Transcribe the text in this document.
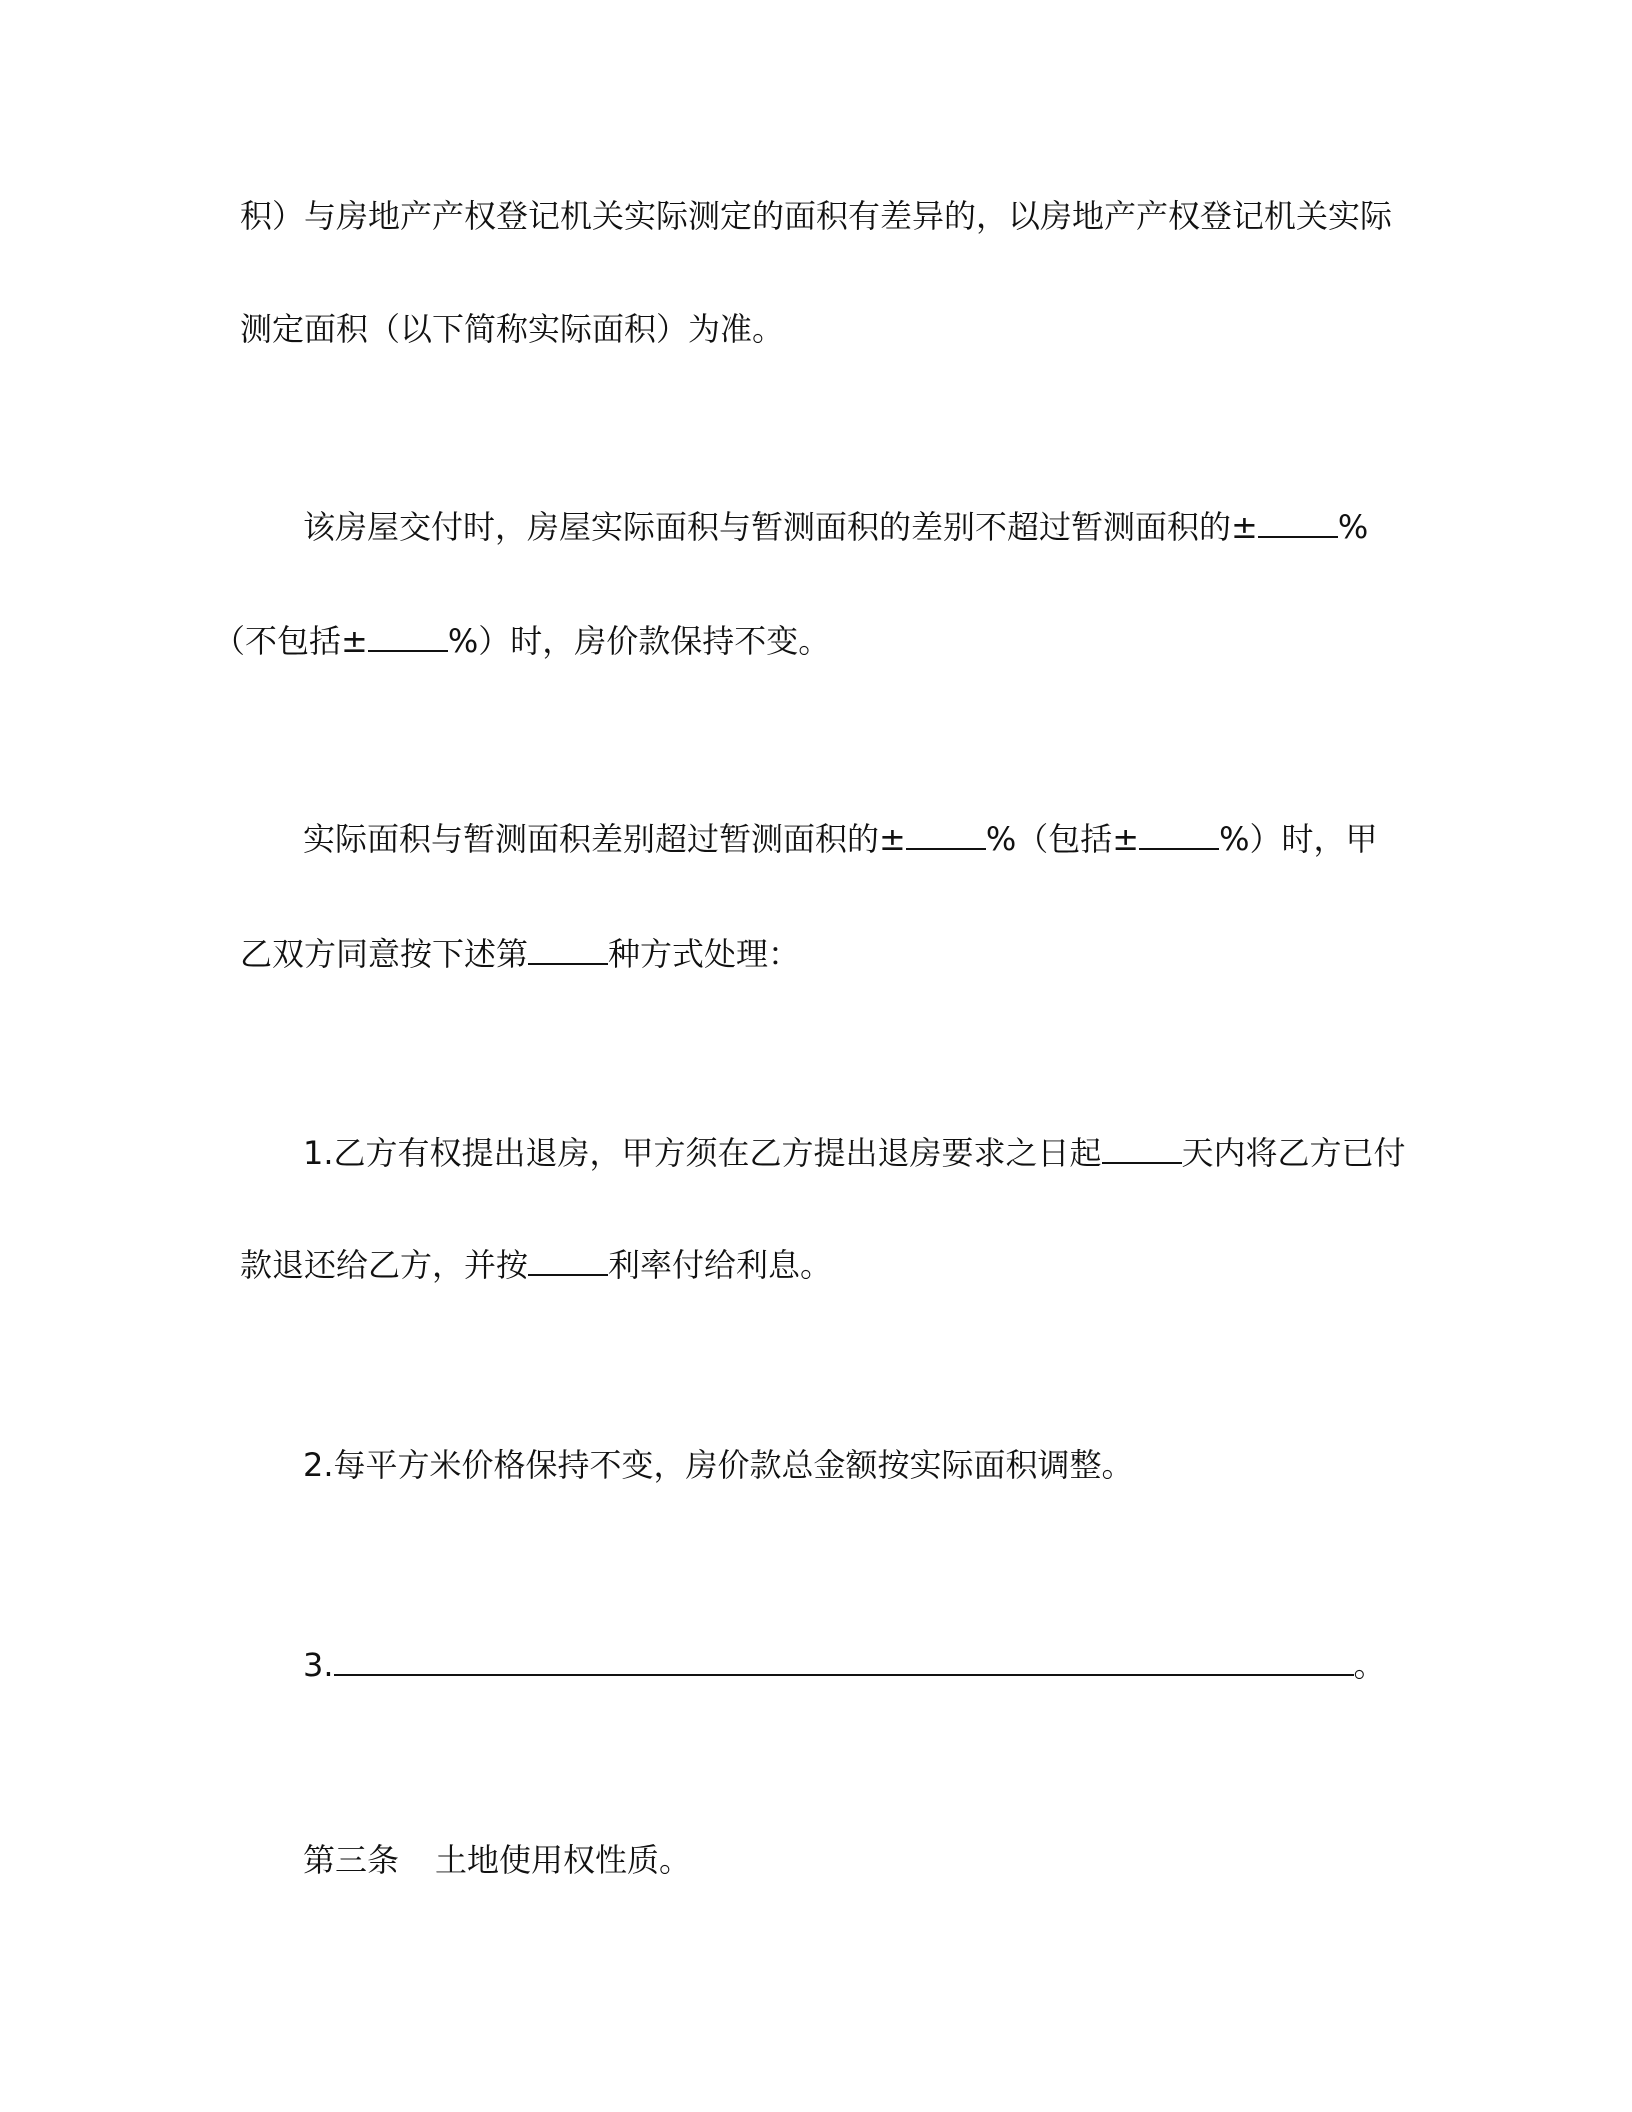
积）与房地产产权登记机关实际测定的面积有差异的，以房地产产权登记机关实际
测定面积（以下简称实际面积）为准。
该房屋交付时，房屋实际面积与暂测面积的差别不超过暂测面积的±	%
（不包括±	%）时，房价款保持不变。
实际面积与暂测面积差别超过暂测面积的±	%（包括±	%）时，甲
乙双方同意按下述第	种方式处理：
1.乙方有权提出退房，甲方须在乙方提出退房要求之日起	天内将乙方已付
款退还给乙方，并按	利率付给利息。
2.每平方米价格保持不变，房价款总金额按实际面积调整。
3.	。
第三条 土地使用权性质。
